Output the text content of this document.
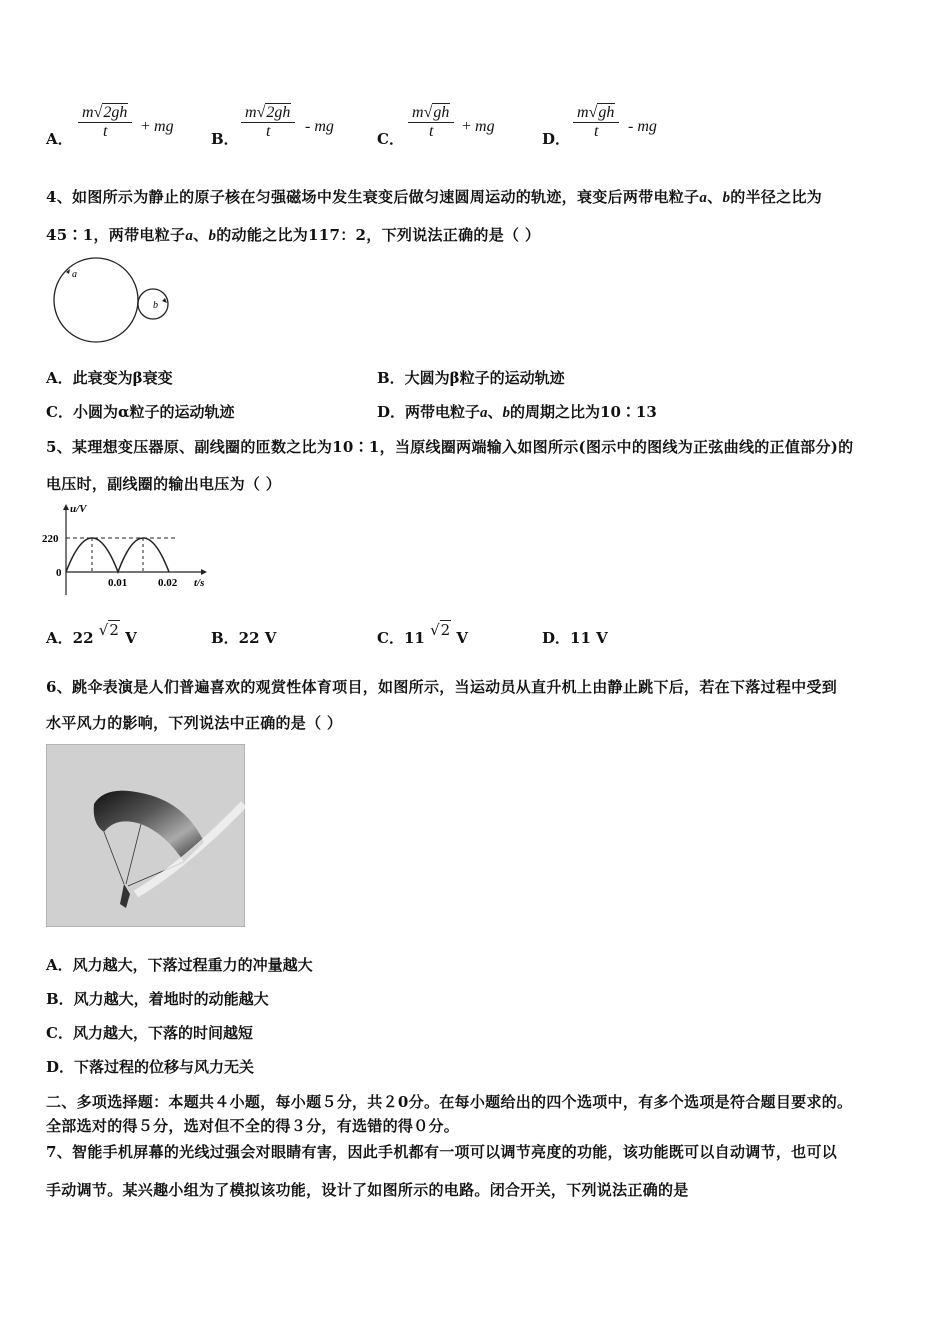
A． $\frac{m√2gh}{t}$ + mg
B． $\frac{m√2gh}{t}$ - mg
C． $\frac{m√gh}{t}$ + mg
D． $\frac{m√gh}{t}$ - mg
4、如图所示为静止的原子核在匀强磁场中发生衰变后做匀速圆周运动的轨迹，衰变后两带电粒子a、b的半径之比为
45∶1，两带电粒子a、b的动能之比为117：2，下列说法正确的是（ ）
a
b
A．此衰变为β衰变	B．大圆为β粒子的运动轨迹
C．小圆为α粒子的运动轨迹	D．两带电粒子a、b的周期之比为10∶13
5、某理想变压器原、副线圈的匝数之比为10∶1，当原线圈两端输入如图所示(图示中的图线为正弦曲线的正值部分)的
电压时，副线圈的输出电压为（ ）
u/V
220
0
0.01	0.02 t/s
A．22 √2 V	B．22 V	C．11 √2 V	D．11 V
6、跳伞表演是人们普遍喜欢的观赏性体育项目，如图所示，当运动员从直升机上由静止跳下后，若在下落过程中受到
水平风力的影响，下列说法中正确的是（ ）
A．风力越大，下落过程重力的冲量越大
B．风力越大，着地时的动能越大
C．风力越大，下落的时间越短
D．下落过程的位移与风力无关
二、多项选择题：本题共４小题，每小题５分，共２0分。在每小题给出的四个选项中，有多个选项是符合题目要求的。
全部选对的得５分，选对但不全的得３分，有选错的得０分。
7、智能手机屏幕的光线过强会对眼睛有害，因此手机都有一项可以调节亮度的功能，该功能既可以自动调节，也可以
手动调节。某兴趣小组为了模拟该功能，设计了如图所示的电路。闭合开关，下列说法正确的是
